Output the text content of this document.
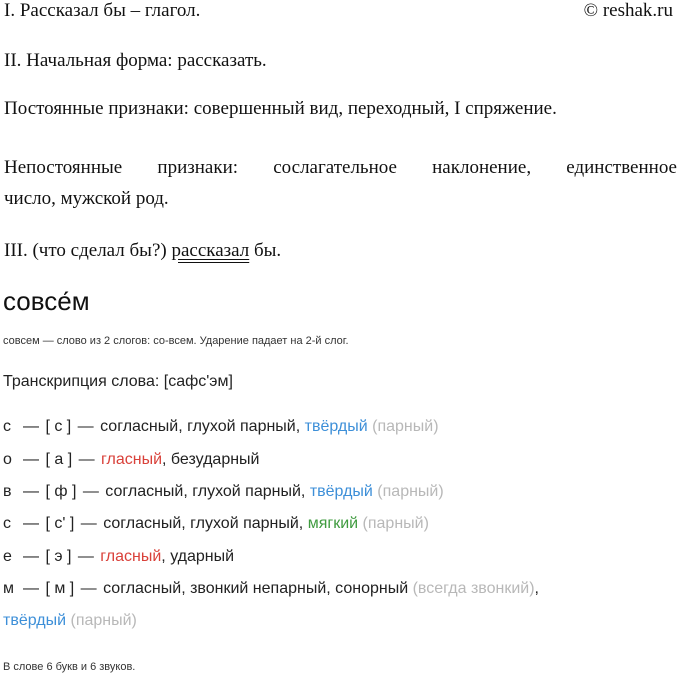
I. Рассказал бы – глагол.	© reshak.ru
II. Начальная форма: рассказать.
Постоянные признаки: совершенный вид, переходный, I спряжение.
Непостоянные признаки: сослагательное наклонение, единственное
число, мужской род.
III. (что сделал бы?) рассказал бы.
совсе́м
совсем — слово из 2 слогов: со-всем. Ударение падает на 2-й слог.
Транскрипция слова: [сафс'эм]
с — [ с ] — согласный, глухой парный, твёрдый (парный)
о — [ а ] — гласный, безударный
в — [ ф ] — согласный, глухой парный, твёрдый (парный)
с — [ с' ] — согласный, глухой парный, мягкий (парный)
е — [ э ] — гласный, ударный
м — [ м ] — согласный, звонкий непарный, сонорный (всегда звонкий),
твёрдый (парный)
В слове 6 букв и 6 звуков.
